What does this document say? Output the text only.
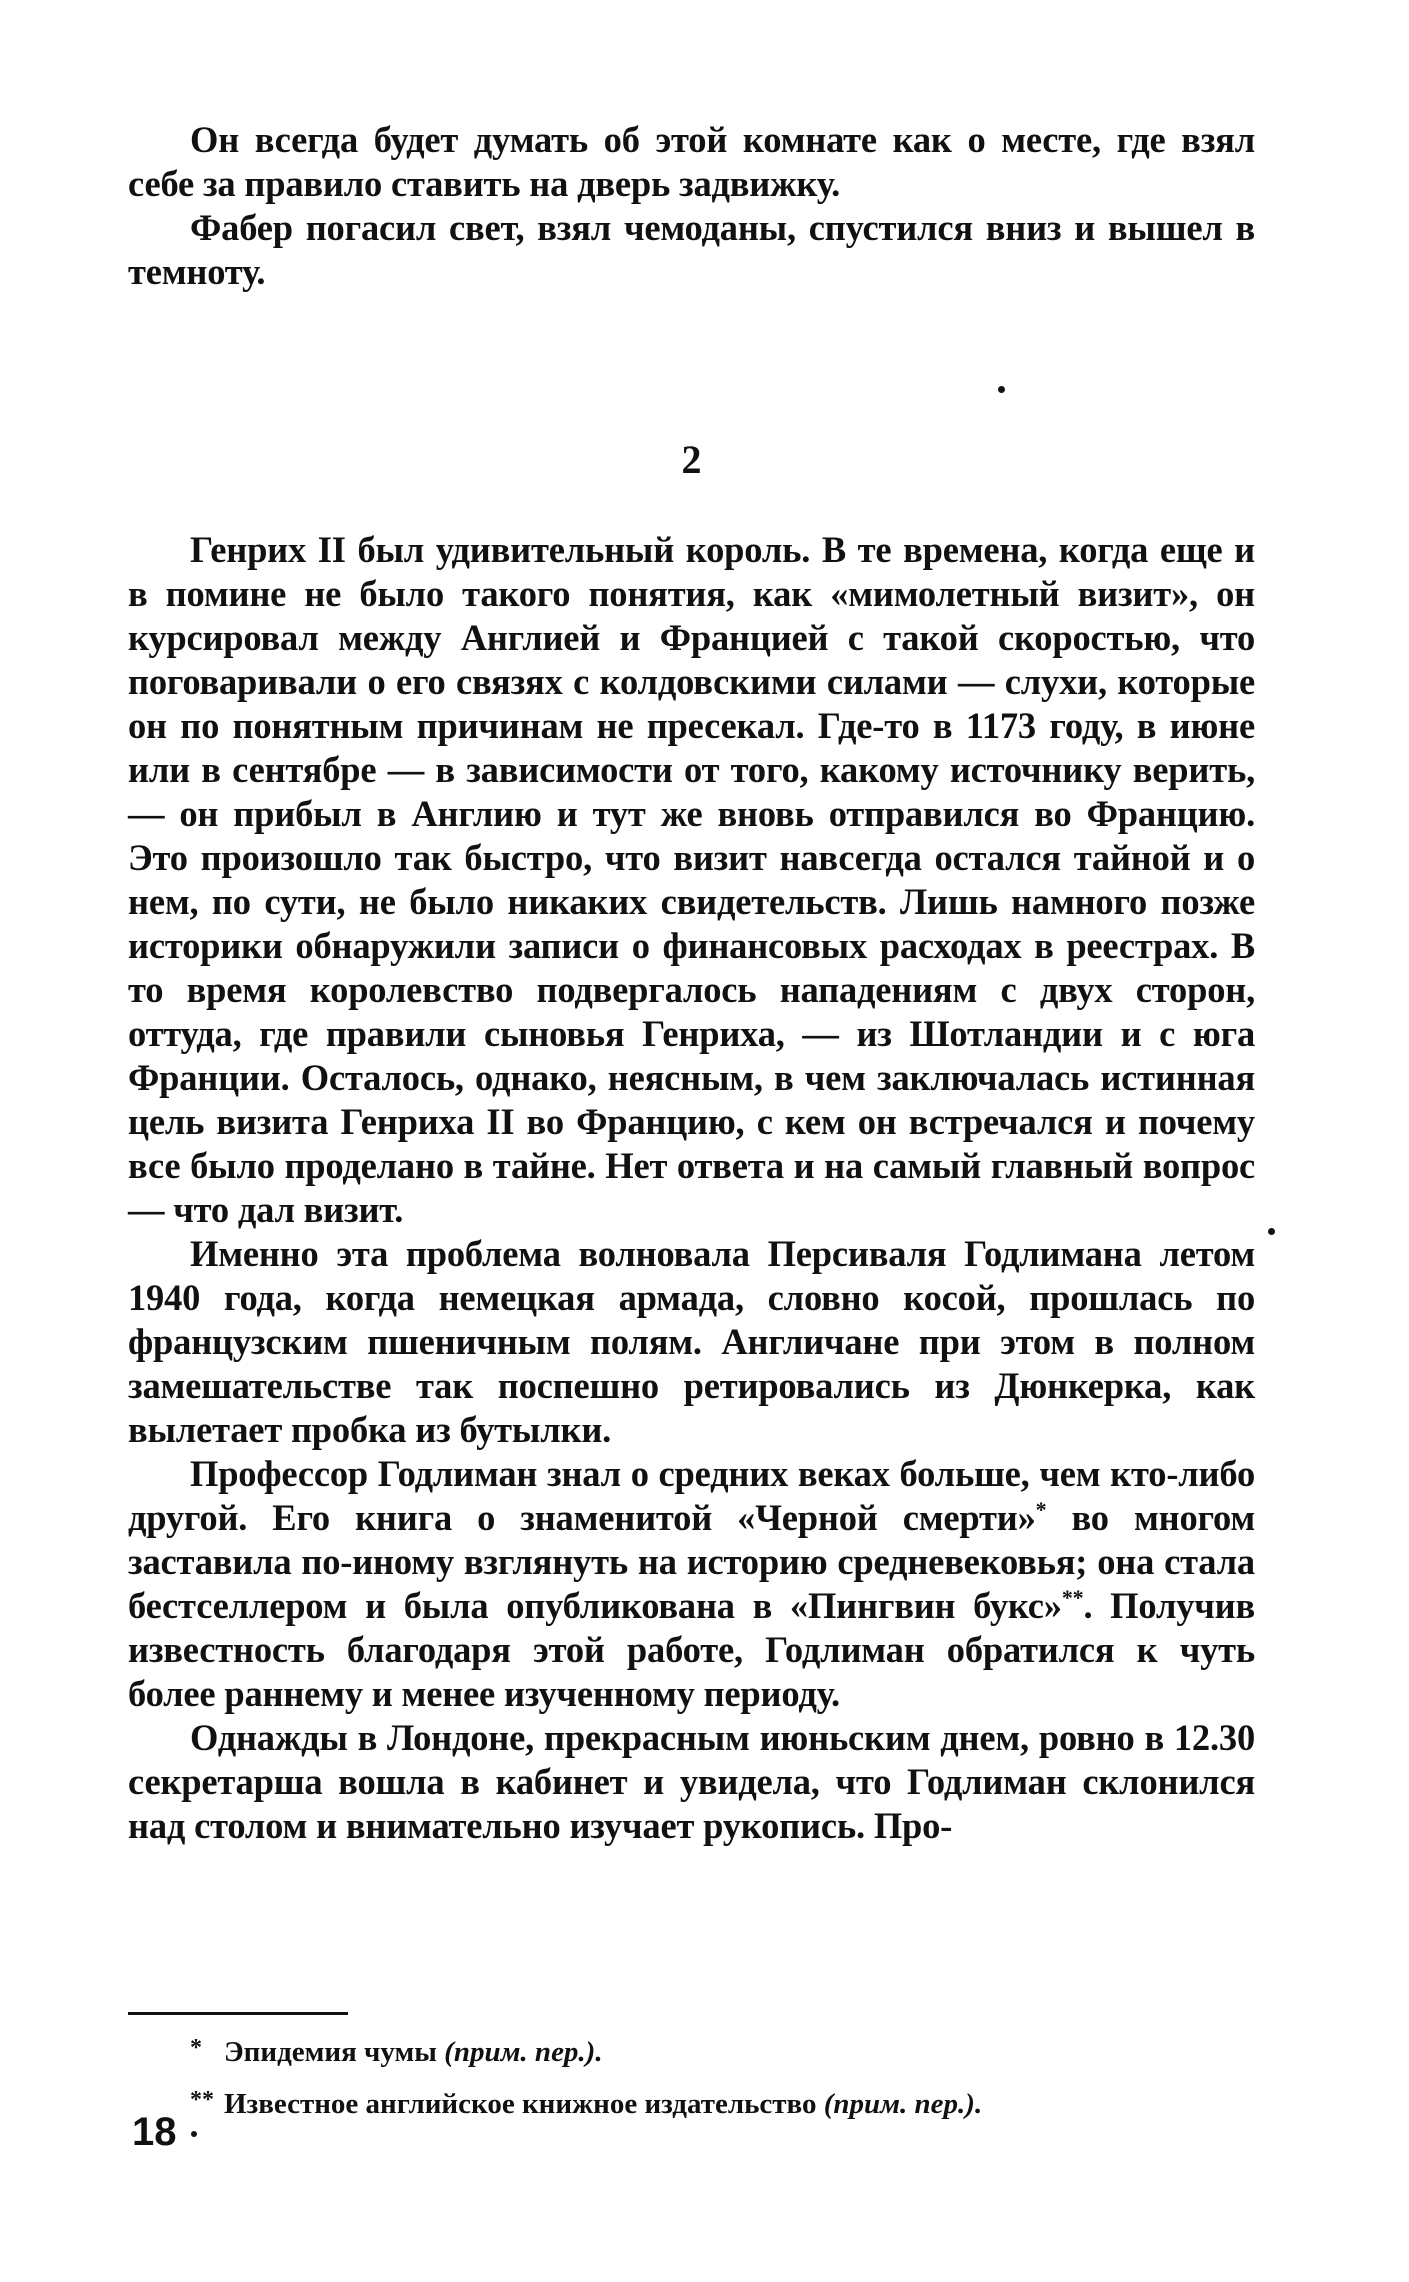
Он всегда будет думать об этой комнате как о месте, где взял себе за правило ставить на дверь задвижку.

Фабер погасил свет, взял чемоданы, спустился вниз и вышел в темноту.

2

Генрих II был удивительный король. В те времена, когда еще и в помине не было такого понятия, как «мимолетный визит», он курсировал между Англией и Францией с такой скоростью, что поговаривали о его связях с колдовскими силами — слухи, которые он по понятным причинам не пресекал. Где-то в 1173 году, в июне или в сентябре — в зависимости от того, какому источнику верить, — он прибыл в Англию и тут же вновь отправился во Францию. Это произошло так быстро, что визит навсегда остался тайной и о нем, по сути, не было никаких свидетельств. Лишь намного позже историки обнаружили записи о финансовых расходах в реестрах. В то время королевство подвергалось нападениям с двух сторон, оттуда, где правили сыновья Генриха, — из Шотландии и с юга Франции. Осталось, однако, неясным, в чем заключалась истинная цель визита Генриха II во Францию, с кем он встречался и почему все было проделано в тайне. Нет ответа и на самый главный вопрос — что дал визит.

Именно эта проблема волновала Персиваля Годлимана летом 1940 года, когда немецкая армада, словно косой, прошлась по французским пшеничным полям. Англичане при этом в полном замешательстве так поспешно ретировались из Дюнкерка, как вылетает пробка из бутылки.

Профессор Годлиман знал о средних веках больше, чем кто-либо другой. Его книга о знаменитой «Черной смерти»* во многом заставила по-иному взглянуть на историю средневековья; она стала бестселлером и была опубликована в «Пингвин букс»**. Получив известность благодаря этой работе, Годлиман обратился к чуть более раннему и менее изученному периоду.

Однажды в Лондоне, прекрасным июньским днем, ровно в 12.30 секретарша вошла в кабинет и увидела, что Годлиман склонился над столом и внимательно изучает рукопись. Про-

* Эпидемия чумы (прим. пер.).

** Известное английское книжное издательство (прим. пер.).

18
